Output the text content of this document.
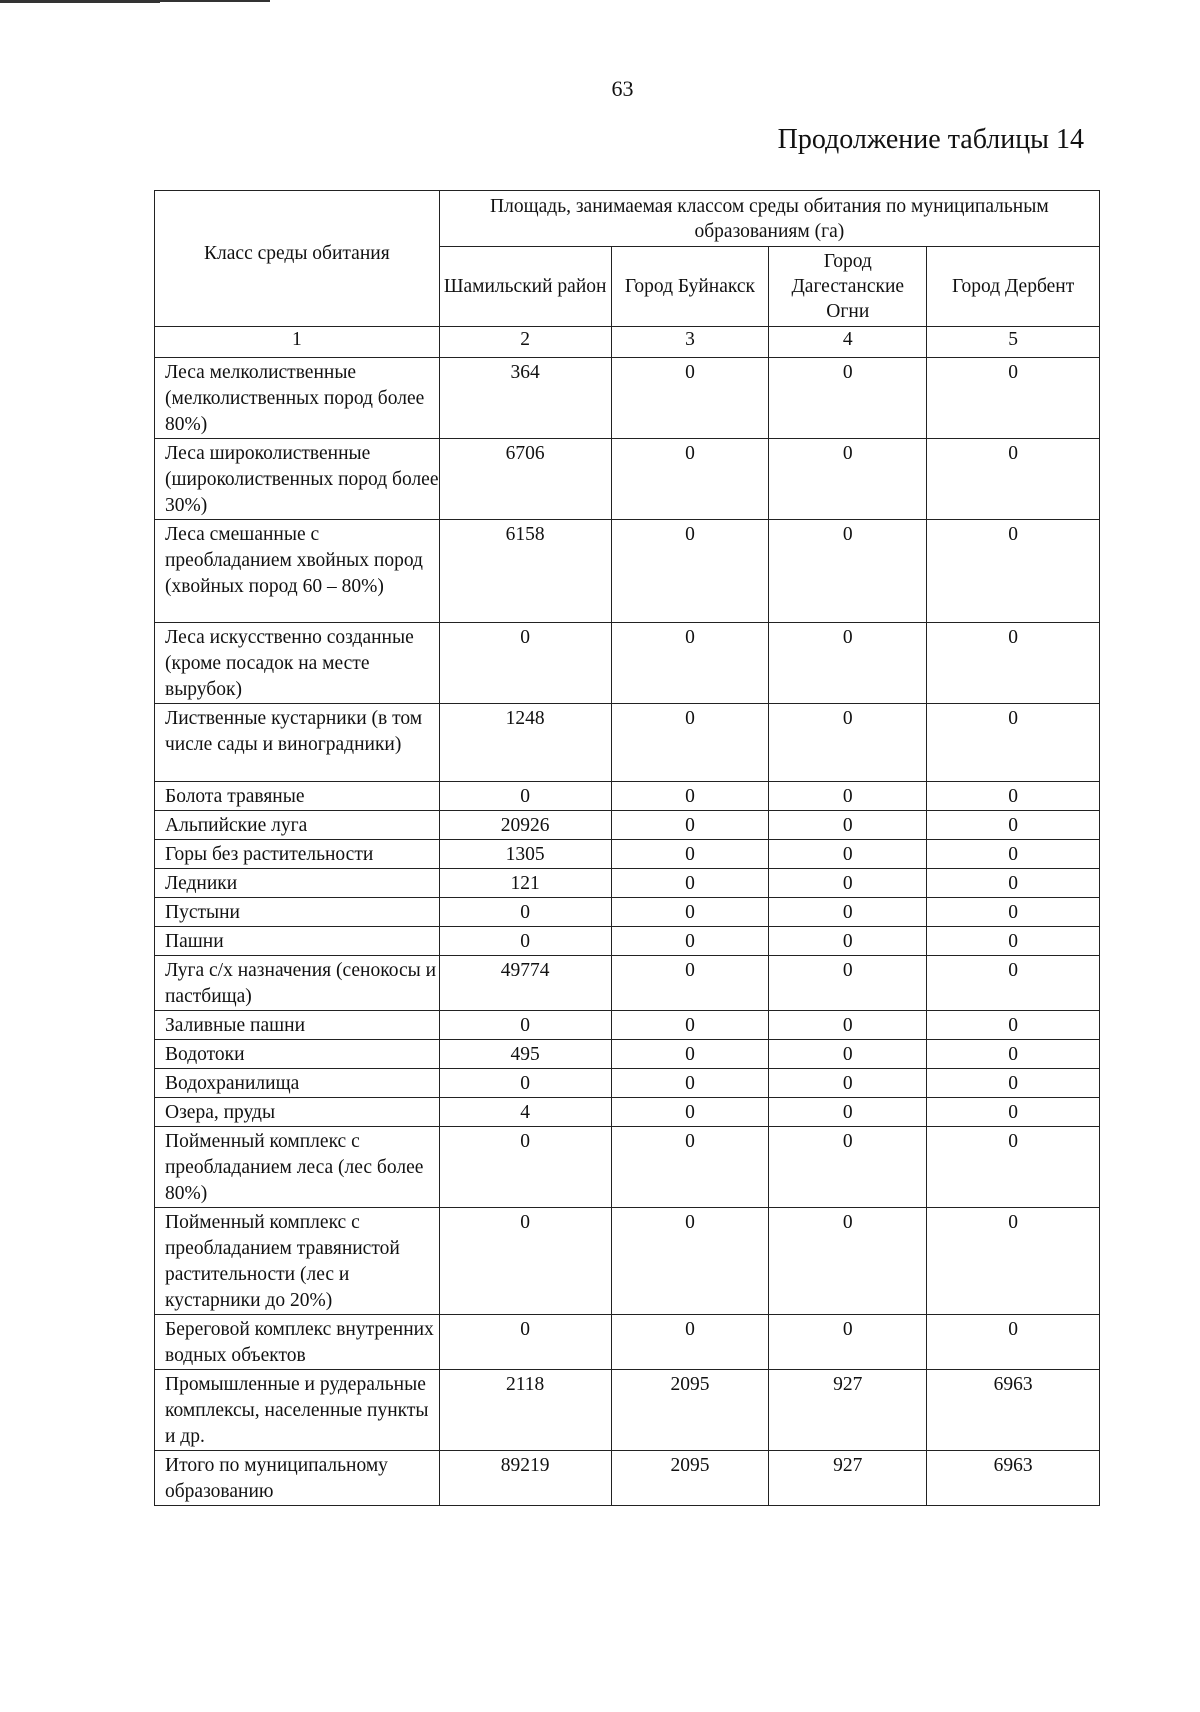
63
Продолжение таблицы 14
Класс среды обитания	Площадь, занимаемая классом среды обитания по муниципальным образованиям (га)			
	Шамильский район	Город Буйнакск	Город Дагестанские Огни	Город Дербент
1	2	3	4	5
Леса мелколиственные (мелколиственных пород более 80%)	364	0	0	0
Леса широколиственные (широколиственных пород более 30%)	6706	0	0	0
Леса смешанные с преобладанием хвойных пород (хвойных пород 60 – 80%)	6158	0	0	0
Леса искусственно созданные (кроме посадок на месте вырубок)	0	0	0	0
Лиственные кустарники (в том числе сады и виноградники)	1248	0	0	0
Болота травяные	0	0	0	0
Альпийские луга	20926	0	0	0
Горы без растительности	1305	0	0	0
Ледники	121	0	0	0
Пустыни	0	0	0	0
Пашни	0	0	0	0
Луга с/х назначения (сенокосы и пастбища)	49774	0	0	0
Заливные пашни	0	0	0	0
Водотоки	495	0	0	0
Водохранилища	0	0	0	0
Озера, пруды	4	0	0	0
Пойменный комплекс с преобладанием леса (лес более 80%)	0	0	0	0
Пойменный комплекс с преобладанием травянистой растительности (лес и кустарники до 20%)	0	0	0	0
Береговой комплекс внутренних водных объектов	0	0	0	0
Промышленные и рудеральные комплексы, населенные пункты и др.	2118	2095	927	6963
Итого по муниципальному образованию	89219	2095	927	6963
